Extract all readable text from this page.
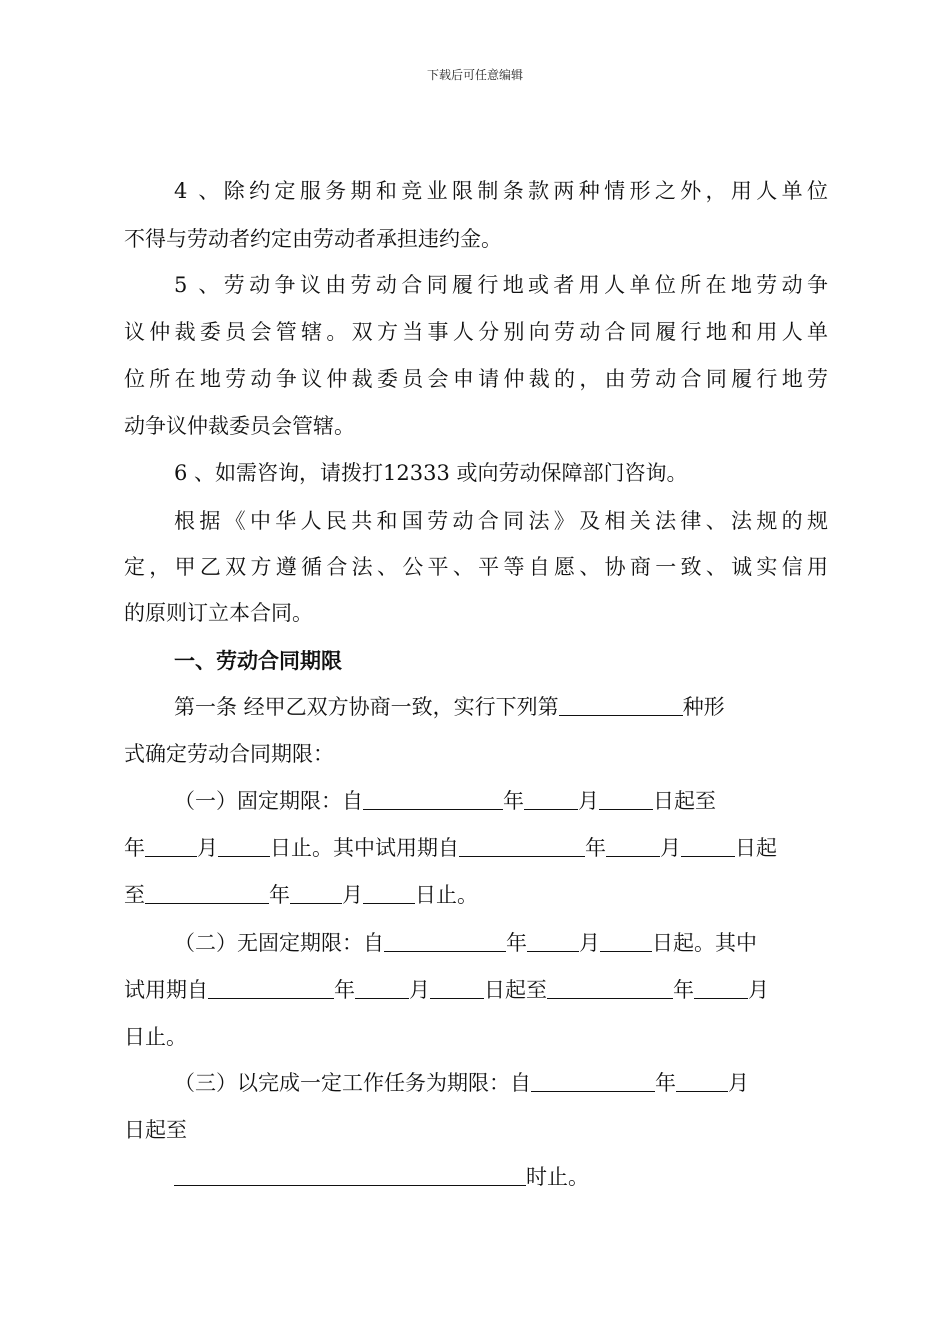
下载后可任意编辑
4 、除约定服务期和竞业限制条款两种情形之外，用人单位
不得与劳动者约定由劳动者承担违约金。
5 、劳动争议由劳动合同履行地或者用人单位所在地劳动争
议仲裁委员会管辖。双方当事人分别向劳动合同履行地和用人单
位所在地劳动争议仲裁委员会申请仲裁的，由劳动合同履行地劳
动争议仲裁委员会管辖。
6 、如需咨询，请拨打12333 或向劳动保障部门咨询。
根据《中华人民共和国劳动合同法》及相关法律、法规的规
定，甲乙双方遵循合法、公平、平等自愿、协商一致、诚实信用
的原则订立本合同。
一、劳动合同期限
第一条 经甲乙双方协商一致，实行下列第	种形
式确定劳动合同期限：
（一）固定期限：自	年	月	日起至
年 月 日止。其中试用期自	年	月	日起
至	年 月 日止。
（二）无固定期限：自	年 月 日起。其中
试用期自	年	月	日起至	年	月
日止。
（三）以完成一定工作任务为期限：自	年 月
日起至
时止。
